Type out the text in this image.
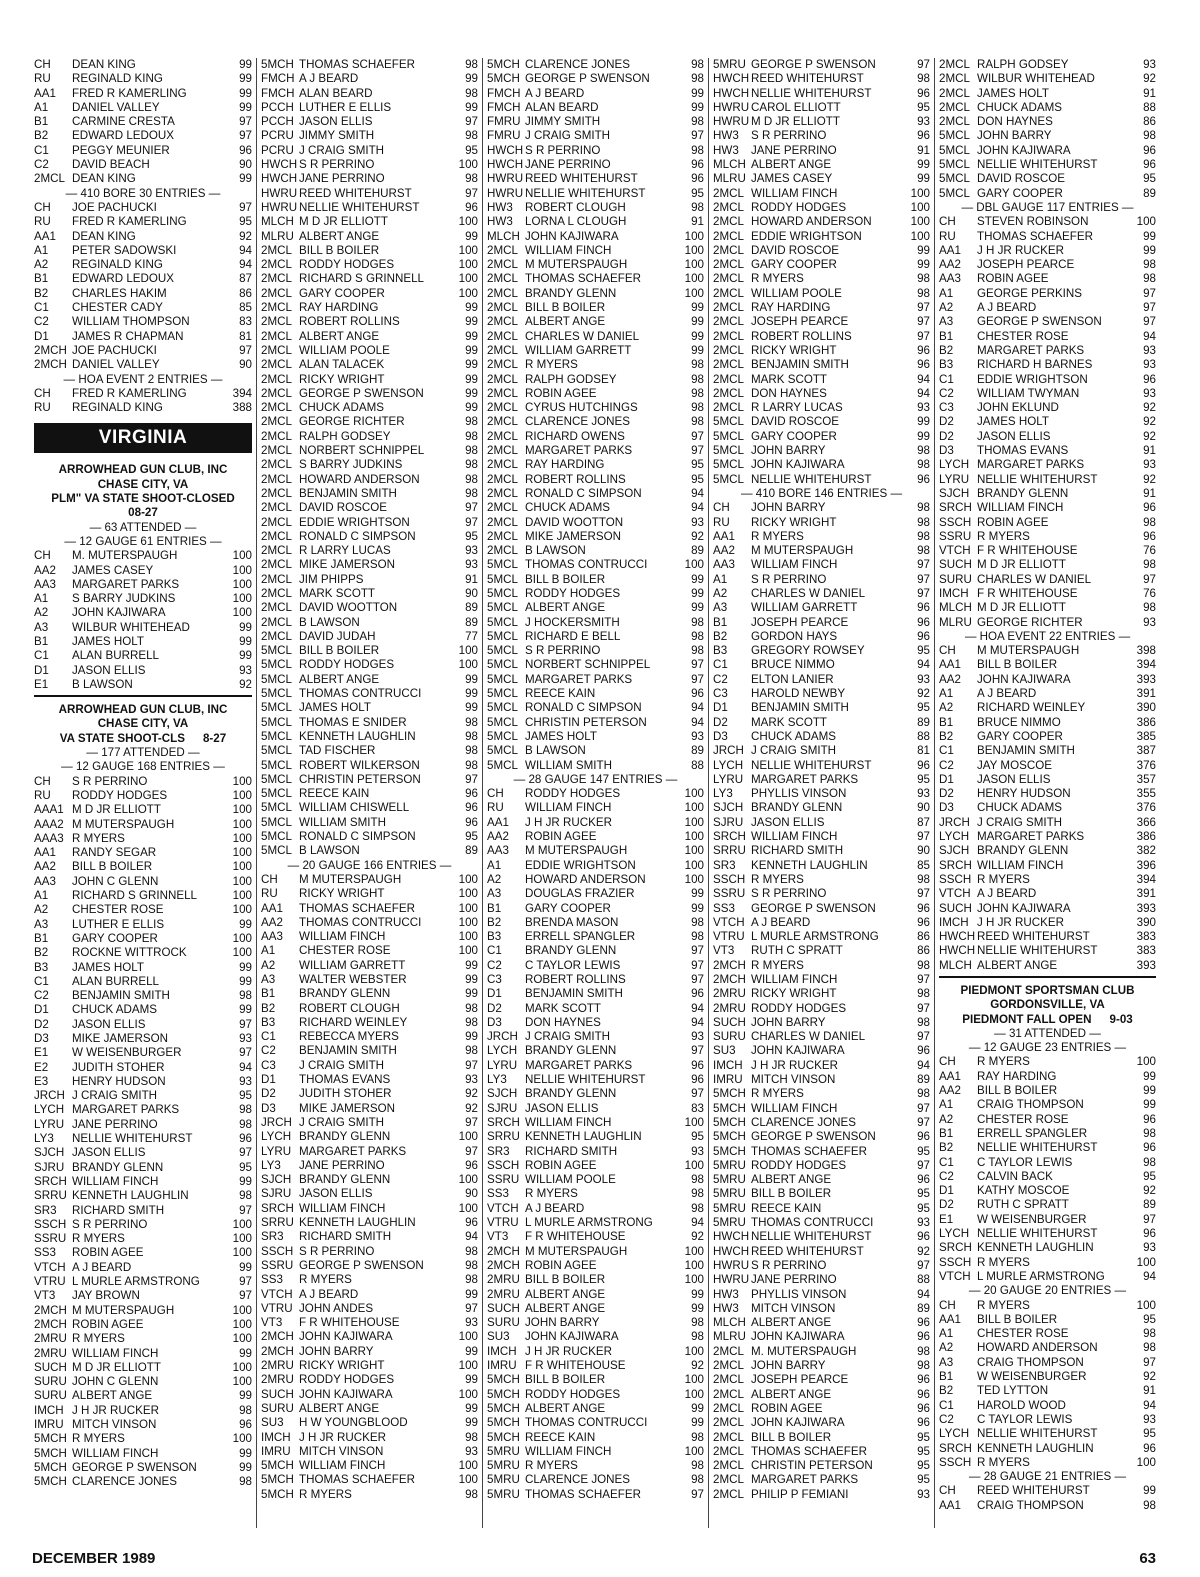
CH	DEAN KING	99
RU	REGINALD KING	99
AA1	FRED R KAMERLING	99
A1	DANIEL VALLEY	99
B1	CARMINE CRESTA	97
B2	EDWARD LEDOUX	97
C1	PEGGY MEUNIER	96
C2	DAVID BEACH	90
2MCL DEAN KING	99
— 410 BORE 30 ENTRIES —
CH	JOE PACHUCKI	97
RU	FRED R KAMERLING	95
AA1	DEAN KING	92
A1	PETER SADOWSKI	94
A2	REGINALD KING	94
B1	EDWARD LEDOUX	87
B2	CHARLES HAKIM	86
C1	CHESTER CADY	85
C2	WILLIAM THOMPSON	83
D1	JAMES R CHAPMAN	81
2MCH JOE PACHUCKI	97
2MCH DANIEL VALLEY	90
— HOA EVENT 2 ENTRIES —
CH	FRED R KAMERLING	394
RU	REGINALD KING	388
VIRGINIA
ARROWHEAD GUN CLUB, INC
CHASE CITY, VA
PLM" VA STATE SHOOT-CLOSED
08-27
— 63 ATTENDED —
— 12 GAUGE 61 ENTRIES —
CH	M. MUTERSPAUGH	100
AA2	JAMES CASEY	100
AA3	MARGARET PARKS	100
A1	S BARRY JUDKINS	100
A2	JOHN KAJIWARA	100
A3	WILBUR WHITEHEAD	99
B1	JAMES HOLT	99
C1	ALAN BURRELL	99
D1	JASON ELLIS	93
E1	B LAWSON	92
ARROWHEAD GUN CLUB, INC
CHASE CITY, VA
VA STATE SHOOT-CLS 8-27
— 177 ATTENDED —
— 12 GAUGE 168 ENTRIES —
CH	S R PERRINO	100
RU	RODDY HODGES	100
AAA1 M D JR ELLIOTT	100
AAA2 M MUTERSPAUGH	100
AAA3 R MYERS	100
AA1	RANDY SEGAR	100
AA2	BILL B BOILER	100
AA3	JOHN C GLENN	100
A1	RICHARD S GRINNELL	100
A2	CHESTER ROSE	100
A3	LUTHER E ELLIS	99
B1	GARY COOPER	100
B2	ROCKNE WITTROCK	100
B3	JAMES HOLT	99
C1	ALAN BURRELL	99
C2	BENJAMIN SMITH	98
D1	CHUCK ADAMS	99
D2	JASON ELLIS	97
D3	MIKE JAMERSON	93
E1	W WEISENBURGER	97
E2	JUDITH STOHER	94
E3	HENRY HUDSON	93
JRCH J CRAIG SMITH	95
LYCH MARGARET PARKS	98
LYRU JANE PERRINO	98
LY3	NELLIE WHITEHURST	96
SJCH JASON ELLIS	97
SJRU BRANDY GLENN	95
SRCH WILLIAM FINCH	99
SRRU KENNETH LAUGHLIN	98
SR3	RICHARD SMITH	97
SSCH S R PERRINO	100
SSRU R MYERS	100
SS3	ROBIN AGEE	100
VTCH A J BEARD	99
VTRU L MURLE ARMSTRONG	97
VT3	JAY BROWN	97
2MCH M MUTERSPAUGH	100
2MCH ROBIN AGEE	100
2MRU R MYERS	100
2MRU WILLIAM FINCH	99
SUCH M D JR ELLIOTT	100
SURU JOHN C GLENN	100
SURU ALBERT ANGE	99
IMCH J H JR RUCKER	98
IMRU MITCH VINSON	96
5MCH R MYERS	100
5MCH WILLIAM FINCH	99
5MCH GEORGE P SWENSON	99
5MCH CLARENCE JONES	98
5MCH THOMAS SCHAEFER	98
FMCH A J BEARD	99
FMCH ALAN BEARD	98
PCCH LUTHER E ELLIS	99
PCCH JASON ELLIS	97
PCRU JIMMY SMITH	98
PCRU J CRAIG SMITH	95
HWCH S R PERRINO	100
HWCH JANE PERRINO	98
HWRU REED WHITEHURST	97
HWRU NELLIE WHITEHURST	96
MLCH M D JR ELLIOTT	100
MLRU ALBERT ANGE	99
2MCL BILL B BOILER	100
2MCL RODDY HODGES	100
2MCL RICHARD S GRINNELL	100
2MCL GARY COOPER	100
2MCL RAY HARDING	99
2MCL ROBERT ROLLINS	99
2MCL ALBERT ANGE	99
2MCL WILLIAM POOLE	99
2MCL ALAN TALACEK	99
2MCL RICKY WRIGHT	99
2MCL GEORGE P SWENSON	99
2MCL CHUCK ADAMS	99
2MCL GEORGE RICHTER	98
2MCL RALPH GODSEY	98
2MCL NORBERT SCHNIPPEL	98
2MCL S BARRY JUDKINS	98
2MCL HOWARD ANDERSON	98
2MCL BENJAMIN SMITH	98
2MCL DAVID ROSCOE	97
2MCL EDDIE WRIGHTSON	97
2MCL RONALD C SIMPSON	95
2MCL R LARRY LUCAS	93
2MCL MIKE JAMERSON	93
2MCL JIM PHIPPS	91
2MCL MARK SCOTT	90
2MCL DAVID WOOTTON	89
2MCL B LAWSON	89
2MCL DAVID JUDAH	77
5MCL BILL B BOILER	100
5MCL RODDY HODGES	100
5MCL ALBERT ANGE	99
5MCL THOMAS CONTRUCCI	99
5MCL JAMES HOLT	99
5MCL THOMAS E SNIDER	98
5MCL KENNETH LAUGHLIN	98
5MCL TAD FISCHER	98
5MCL ROBERT WILKERSON	98
5MCL CHRISTIN PETERSON	97
5MCL REECE KAIN	96
5MCL WILLIAM CHISWELL	96
5MCL WILLIAM SMITH	96
5MCL RONALD C SIMPSON	95
5MCL B LAWSON	89
— 20 GAUGE 166 ENTRIES —
CH	M MUTERSPAUGH	100
RU	RICKY WRIGHT	100
AA1	THOMAS SCHAEFER	100
AA2	THOMAS CONTRUCCI	100
AA3	WILLIAM FINCH	100
A1	CHESTER ROSE	100
A2	WILLIAM GARRETT	99
A3	WALTER WEBSTER	99
B1	BRANDY GLENN	99
B2	ROBERT CLOUGH	98
B3	RICHARD WEINLEY	98
C1	REBECCA MYERS	99
C2	BENJAMIN SMITH	98
C3	J CRAIG SMITH	97
D1	THOMAS EVANS	93
D2	JUDITH STOHER	92
D3	MIKE JAMERSON	92
JRCH J CRAIG SMITH	97
LYCH BRANDY GLENN	100
LYRU MARGARET PARKS	97
LY3	JANE PERRINO	96
SJCH BRANDY GLENN	100
SJRU JASON ELLIS	90
SRCH WILLIAM FINCH	100
SRRU KENNETH LAUGHLIN	96
SR3	RICHARD SMITH	94
SSCH S R PERRINO	98
SSRU GEORGE P SWENSON	98
SS3	R MYERS	98
VTCH A J BEARD	99
VTRU JOHN ANDES	97
VT3	F R WHITEHOUSE	93
2MCH JOHN KAJIWARA	100
2MCH JOHN BARRY	99
2MRU RICKY WRIGHT	100
2MRU RODDY HODGES	99
SUCH JOHN KAJIWARA	100
SURU ALBERT ANGE	99
SU3	H W YOUNGBLOOD	99
IMCH J H JR RUCKER	98
IMRU MITCH VINSON	93
5MCH WILLIAM FINCH	100
5MCH THOMAS SCHAEFER	100
5MCH R MYERS	98
5MCH CLARENCE JONES	98
5MCH GEORGE P SWENSON	98
FMCH A J BEARD	99
FMCH ALAN BEARD	99
FMRU JIMMY SMITH	98
FMRU J CRAIG SMITH	97
HWCH S R PERRINO	98
HWCH JANE PERRINO	96
HWRU REED WHITEHURST	96
HWRU NELLIE WHITEHURST	95
HW3	ROBERT CLOUGH	98
HW3	LORNA L CLOUGH	91
MLCH JOHN KAJIWARA	100
2MCL WILLIAM FINCH	100
2MCL M MUTERSPAUGH	100
2MCL THOMAS SCHAEFER	100
2MCL BRANDY GLENN	100
2MCL BILL B BOILER	99
2MCL ALBERT ANGE	99
2MCL CHARLES W DANIEL	99
2MCL WILLIAM GARRETT	99
2MCL R MYERS	98
2MCL RALPH GODSEY	98
2MCL ROBIN AGEE	98
2MCL CYRUS HUTCHINGS	98
2MCL CLARENCE JONES	98
2MCL RICHARD OWENS	97
2MCL MARGARET PARKS	97
2MCL RAY HARDING	95
2MCL ROBERT ROLLINS	95
2MCL RONALD C SIMPSON	94
2MCL CHUCK ADAMS	94
2MCL DAVID WOOTTON	93
2MCL MIKE JAMERSON	92
2MCL B LAWSON	89
5MCL THOMAS CONTRUCCI	100
5MCL BILL B BOILER	99
5MCL RODDY HODGES	99
5MCL ALBERT ANGE	99
5MCL J HOCKERSMITH	98
5MCL RICHARD E BELL	98
5MCL S R PERRINO	98
5MCL NORBERT SCHNIPPEL	97
5MCL MARGARET PARKS	97
5MCL REECE KAIN	96
5MCL RONALD C SIMPSON	94
5MCL CHRISTIN PETERSON	94
5MCL JAMES HOLT	93
5MCL B LAWSON	89
5MCL WILLIAM SMITH	88
— 28 GAUGE 147 ENTRIES —
CH	RODDY HODGES	100
RU	WILLIAM FINCH	100
AA1	J H JR RUCKER	100
AA2	ROBIN AGEE	100
AA3	M MUTERSPAUGH	100
A1	EDDIE WRIGHTSON	100
A2	HOWARD ANDERSON	100
A3	DOUGLAS FRAZIER	99
B1	GARY COOPER	99
B2	BRENDA MASON	98
B3	ERRELL SPANGLER	98
C1	BRANDY GLENN	97
C2	C TAYLOR LEWIS	97
C3	ROBERT ROLLINS	97
D1	BENJAMIN SMITH	96
D2	MARK SCOTT	94
D3	DON HAYNES	94
JRCH J CRAIG SMITH	93
LYCH BRANDY GLENN	97
LYRU MARGARET PARKS	96
LY3	NELLIE WHITEHURST	96
SJCH BRANDY GLENN	97
SJRU JASON ELLIS	83
SRCH WILLIAM FINCH	100
SRRU KENNETH LAUGHLIN	95
SR3	RICHARD SMITH	93
SSCH ROBIN AGEE	100
SSRU WILLIAM POOLE	98
SS3	R MYERS	98
VTCH A J BEARD	98
VTRU L MURLE ARMSTRONG	94
VT3	F R WHITEHOUSE	92
2MCH M MUTERSPAUGH	100
2MCH ROBIN AGEE	100
2MRU BILL B BOILER	100
2MRU ALBERT ANGE	99
SUCH ALBERT ANGE	99
SURU JOHN BARRY	98
SU3	JOHN KAJIWARA	98
IMCH J H JR RUCKER	100
IMRU F R WHITEHOUSE	92
5MCH BILL B BOILER	100
5MCH RODDY HODGES	100
5MCH ALBERT ANGE	99
5MCH THOMAS CONTRUCCI	99
5MCH REECE KAIN	98
5MRU WILLIAM FINCH	100
5MRU R MYERS	98
5MRU CLARENCE JONES	98
5MRU THOMAS SCHAEFER	97
5MRU GEORGE P SWENSON	97
HWCH REED WHITEHURST	98
HWCH NELLIE WHITEHURST	96
HWRU CAROL ELLIOTT	95
HWRU M D JR ELLIOTT	93
HW3	S R PERRINO	96
HW3	JANE PERRINO	91
MLCH ALBERT ANGE	99
MLRU JAMES CASEY	99
2MCL WILLIAM FINCH	100
2MCL RODDY HODGES	100
2MCL HOWARD ANDERSON	100
2MCL EDDIE WRIGHTSON	100
2MCL DAVID ROSCOE	99
2MCL GARY COOPER	99
2MCL R MYERS	98
2MCL WILLIAM POOLE	98
2MCL RAY HARDING	97
2MCL JOSEPH PEARCE	97
2MCL ROBERT ROLLINS	97
2MCL RICKY WRIGHT	96
2MCL BENJAMIN SMITH	96
2MCL MARK SCOTT	94
2MCL DON HAYNES	94
2MCL R LARRY LUCAS	93
5MCL DAVID ROSCOE	99
5MCL GARY COOPER	99
5MCL JOHN BARRY	98
5MCL JOHN KAJIWARA	98
5MCL NELLIE WHITEHURST	96
— 410 BORE 146 ENTRIES —
CH	JOHN BARRY	98
RU	RICKY WRIGHT	98
AA1	R MYERS	98
AA2	M MUTERSPAUGH	98
AA3	WILLIAM FINCH	97
A1	S R PERRINO	97
A2	CHARLES W DANIEL	97
A3	WILLIAM GARRETT	96
B1	JOSEPH PEARCE	96
B2	GORDON HAYS	96
B3	GREGORY ROWSEY	95
C1	BRUCE NIMMO	94
C2	ELTON LANIER	93
C3	HAROLD NEWBY	92
D1	BENJAMIN SMITH	95
D2	MARK SCOTT	89
D3	CHUCK ADAMS	88
JRCH J CRAIG SMITH	81
LYCH NELLIE WHITEHURST	96
LYRU MARGARET PARKS	95
LY3	PHYLLIS VINSON	93
SJCH BRANDY GLENN	90
SJRU JASON ELLIS	87
SRCH WILLIAM FINCH	97
SRRU RICHARD SMITH	90
SR3	KENNETH LAUGHLIN	85
SSCH R MYERS	98
SSRU S R PERRINO	97
SS3	GEORGE P SWENSON	96
VTCH A J BEARD	96
VTRU L MURLE ARMSTRONG	86
VT3	RUTH C SPRATT	86
2MCH R MYERS	98
2MCH WILLIAM FINCH	97
2MRU RICKY WRIGHT	98
2MRU RODDY HODGES	97
SUCH JOHN BARRY	98
SURU CHARLES W DANIEL	97
SU3	JOHN KAJIWARA	96
IMCH J H JR RUCKER	94
IMRU MITCH VINSON	89
5MCH R MYERS	98
5MCH WILLIAM FINCH	97
5MCH CLARENCE JONES	97
5MCH GEORGE P SWENSON	96
5MCH THOMAS SCHAEFER	95
5MRU RODDY HODGES	97
5MRU ALBERT ANGE	96
5MRU BILL B BOILER	95
5MRU REECE KAIN	95
5MRU THOMAS CONTRUCCI	93
HWCH NELLIE WHITEHURST	96
HWCH REED WHITEHURST	92
HWRU S R PERRINO	97
HWRU JANE PERRINO	88
HW3	PHYLLIS VINSON	94
HW3	MITCH VINSON	89
MLCH ALBERT ANGE	96
MLRU JOHN KAJIWARA	96
2MCL M. MUTERSPAUGH	98
2MCL JOHN BARRY	98
2MCL JOSEPH PEARCE	96
2MCL ALBERT ANGE	96
2MCL ROBIN AGEE	96
2MCL JOHN KAJIWARA	96
2MCL BILL B BOILER	95
2MCL THOMAS SCHAEFER	95
2MCL CHRISTIN PETERSON	95
2MCL MARGARET PARKS	95
2MCL PHILIP P FEMIANI	93
2MCL RALPH GODSEY	93
2MCL WILBUR WHITEHEAD	92
2MCL JAMES HOLT	91
2MCL CHUCK ADAMS	88
2MCL DON HAYNES	86
5MCL JOHN BARRY	98
5MCL JOHN KAJIWARA	96
5MCL NELLIE WHITEHURST	96
5MCL DAVID ROSCOE	95
5MCL GARY COOPER	89
— DBL GAUGE 117 ENTRIES —
CH	STEVEN ROBINSON	100
RU	THOMAS SCHAEFER	99
AA1	J H JR RUCKER	99
AA2	JOSEPH PEARCE	98
AA3	ROBIN AGEE	98
A1	GEORGE PERKINS	97
A2	A J BEARD	97
A3	GEORGE P SWENSON	97
B1	CHESTER ROSE	94
B2	MARGARET PARKS	93
B3	RICHARD H BARNES	93
C1	EDDIE WRIGHTSON	96
C2	WILLIAM TWYMAN	93
C3	JOHN EKLUND	92
D2	JAMES HOLT	92
D2	JASON ELLIS	92
D3	THOMAS EVANS	91
LYCH MARGARET PARKS	93
LYRU NELLIE WHITEHURST	92
SJCH BRANDY GLENN	91
SRCH WILLIAM FINCH	96
SSCH ROBIN AGEE	98
SSRU R MYERS	96
VTCH F R WHITEHOUSE	76
SUCH M D JR ELLIOTT	98
SURU CHARLES W DANIEL	97
IMCH F R WHITEHOUSE	76
MLCH M D JR ELLIOTT	98
MLRU GEORGE RICHTER	93
— HOA EVENT 22 ENTRIES —
CH	M MUTERSPAUGH	398
AA1	BILL B BOILER	394
AA2	JOHN KAJIWARA	393
A1	A J BEARD	391
A2	RICHARD WEINLEY	390
B1	BRUCE NIMMO	386
B2	GARY COOPER	385
C1	BENJAMIN SMITH	387
C2	JAY MOSCOE	376
D1	JASON ELLIS	357
D2	HENRY HUDSON	355
D3	CHUCK ADAMS	376
JRCH J CRAIG SMITH	366
LYCH MARGARET PARKS	386
SJCH BRANDY GLENN	382
SRCH WILLIAM FINCH	396
SSCH R MYERS	394
VTCH A J BEARD	391
SUCH JOHN KAJIWARA	393
IMCH J H JR RUCKER	390
HWCH REED WHITEHURST	383
HWCH NELLIE WHITEHURST	383
MLCH ALBERT ANGE	393
PIEDMONT SPORTSMAN CLUB
GORDONSVILLE, VA
PIEDMONT FALL OPEN 9-03
— 31 ATTENDED —
— 12 GAUGE 23 ENTRIES —
CH	R MYERS	100
AA1	RAY HARDING	99
AA2	BILL B BOILER	99
A1	CRAIG THOMPSON	99
A2	CHESTER ROSE	96
B1	ERRELL SPANGLER	98
B2	NELLIE WHITEHURST	96
C1	C TAYLOR LEWIS	98
C2	CALVIN BACK	95
D1	KATHY MOSCOE	92
D2	RUTH C SPRATT	89
E1	W WEISENBURGER	97
LYCH NELLIE WHITEHURST	96
SRCH KENNETH LAUGHLIN	93
SSCH R MYERS	100
VTCH L MURLE ARMSTRONG	94
— 20 GAUGE 20 ENTRIES —
CH	R MYERS	100
AA1	BILL B BOILER	95
A1	CHESTER ROSE	98
A2	HOWARD ANDERSON	98
A3	CRAIG THOMPSON	97
B1	W WEISENBURGER	92
B2	TED LYTTON	91
C1	HAROLD WOOD	94
C2	C TAYLOR LEWIS	93
LYCH NELLIE WHITEHURST	95
SRCH KENNETH LAUGHLIN	96
SSCH R MYERS	100
— 28 GAUGE 21 ENTRIES —
CH	REED WHITEHURST	99
AA1	CRAIG THOMPSON	98
DECEMBER 1989	63
